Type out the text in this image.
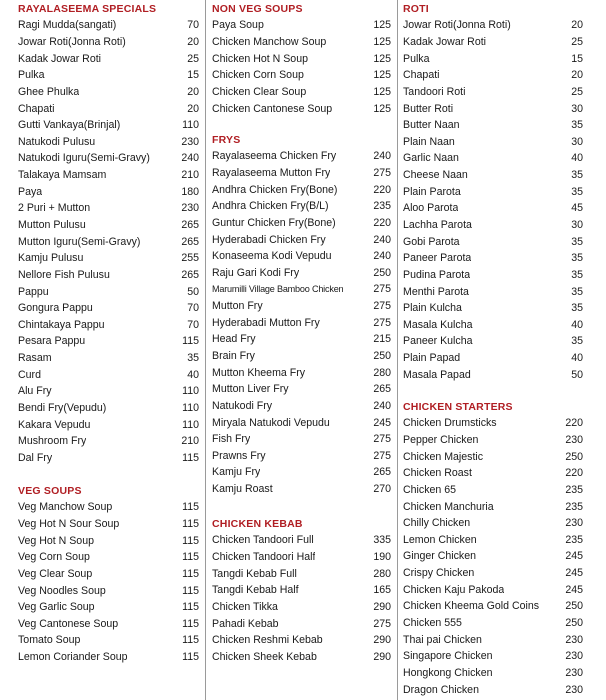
RAYALASEEMA SPECIALS
Ragi Mudda(sangati)	70
Jowar Roti(Jonna Roti)	20
Kadak Jowar Roti	25
Pulka	15
Ghee Phulka	20
Chapati	20
Gutti Vankaya(Brinjal)	110
Natukodi Pulusu	230
Natukodi Iguru(Semi-Gravy)	240
Talakaya Mamsam	210
Paya	180
2 Puri + Mutton	230
Mutton Pulusu	265
Mutton Iguru(Semi-Gravy)	265
Kamju Pulusu	255
Nellore Fish Pulusu	265
Pappu	50
Gongura Pappu	70
Chintakaya Pappu	70
Pesara Pappu	115
Rasam	35
Curd	40
Alu Fry	110
Bendi Fry(Vepudu)	110
Kakara Vepudu	110
Mushroom Fry	210
Dal Fry	115
VEG SOUPS
Veg Manchow Soup	115
Veg Hot N Sour Soup	115
Veg Hot N Soup	115
Veg Corn Soup	115
Veg Clear Soup	115
Veg Noodles Soup	115
Veg Garlic Soup	115
Veg Cantonese Soup	115
Tomato Soup	115
Lemon Coriander Soup	115
NON VEG SOUPS
Paya Soup	125
Chicken Manchow Soup	125
Chicken Hot N Soup	125
Chicken Corn Soup	125
Chicken Clear Soup	125
Chicken Cantonese Soup	125
FRYS
Rayalaseema Chicken Fry	240
Rayalaseema Mutton Fry	275
Andhra Chicken Fry(Bone)	220
Andhra Chicken Fry(B/L)	235
Guntur Chicken Fry(Bone)	220
Hyderabadi Chicken Fry	240
Konaseema Kodi Vepudu	240
Raju Gari Kodi Fry	250
Marumilli Village Bamboo Chicken	275
Mutton Fry	275
Hyderabadi Mutton Fry	275
Head Fry	215
Brain Fry	250
Mutton Kheema Fry	280
Mutton Liver Fry	265
Natukodi Fry	240
Miryala Natukodi Vepudu	245
Fish Fry	275
Prawns Fry	275
Kamju Fry	265
Kamju Roast	270
CHICKEN KEBAB
Chicken Tandoori Full	335
Chicken Tandoori Half	190
Tangdi Kebab Full	280
Tangdi Kebab Half	165
Chicken Tikka	290
Pahadi Kebab	275
Chicken Reshmi Kebab	290
Chicken Sheek Kebab	290
ROTI
Jowar Roti(Jonna Roti)	20
Kadak Jowar Roti	25
Pulka	15
Chapati	20
Tandoori Roti	25
Butter Roti	30
Butter Naan	35
Plain Naan	30
Garlic Naan	40
Cheese Naan	35
Plain Parota	35
Aloo Parota	45
Lachha Parota	30
Gobi Parota	35
Paneer Parota	35
Pudina Parota	35
Menthi Parota	35
Plain Kulcha	35
Masala Kulcha	40
Paneer Kulcha	35
Plain Papad	40
Masala Papad	50
CHICKEN STARTERS
Chicken Drumsticks	220
Pepper Chicken	230
Chicken Majestic	250
Chicken Roast	220
Chicken 65	235
Chicken Manchuria	235
Chilly Chicken	230
Lemon Chicken	235
Ginger Chicken	245
Crispy Chicken	245
Chicken Kaju Pakoda	245
Chicken Kheema Gold Coins	250
Chicken 555	250
Thai pai Chicken	230
Singapore Chicken	230
Hongkong Chicken	230
Dragon Chicken	230
